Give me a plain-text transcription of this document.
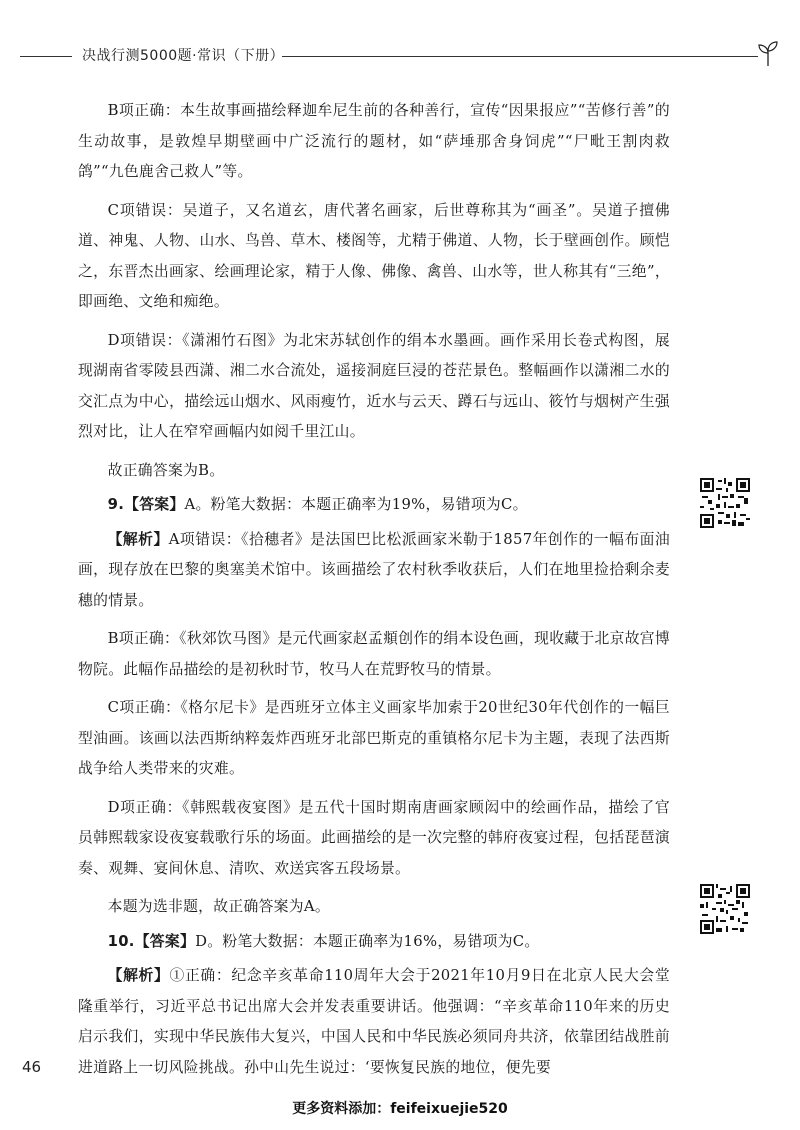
决战行测5000题·常识（下册）

B项正确：本生故事画描绘释迦牟尼生前的各种善行，宣传“因果报应”“苦修行善”的生动故事，是敦煌早期壁画中广泛流行的题材，如“萨埵那舍身饲虎”“尸毗王割肉救鸽”“九色鹿舍己救人”等。

C项错误：吴道子，又名道玄，唐代著名画家，后世尊称其为“画圣”。吴道子擅佛道、神鬼、人物、山水、鸟兽、草木、楼阁等，尤精于佛道、人物，长于壁画创作。顾恺之，东晋杰出画家、绘画理论家，精于人像、佛像、禽兽、山水等，世人称其有“三绝”，即画绝、文绝和痴绝。

D项错误：《潇湘竹石图》为北宋苏轼创作的绢本水墨画。画作采用长卷式构图，展现湖南省零陵县西潇、湘二水合流处，遥接洞庭巨浸的苍茫景色。整幅画作以潇湘二水的交汇点为中心，描绘远山烟水、风雨瘦竹，近水与云天、蹲石与远山、筱竹与烟树产生强烈对比，让人在窄窄画幅内如阅千里江山。

故正确答案为B。

9.【答案】A。粉笔大数据：本题正确率为19%，易错项为C。

【解析】A项错误：《拾穗者》是法国巴比松派画家米勒于1857年创作的一幅布面油画，现存放在巴黎的奥塞美术馆中。该画描绘了农村秋季收获后，人们在地里捡拾剩余麦穗的情景。

B项正确：《秋郊饮马图》是元代画家赵孟頫创作的绢本设色画，现收藏于北京故宫博物院。此幅作品描绘的是初秋时节，牧马人在荒野牧马的情景。

C项正确：《格尔尼卡》是西班牙立体主义画家毕加索于20世纪30年代创作的一幅巨型油画。该画以法西斯纳粹轰炸西班牙北部巴斯克的重镇格尔尼卡为主题，表现了法西斯战争给人类带来的灾难。

D项正确：《韩熙载夜宴图》是五代十国时期南唐画家顾闳中的绘画作品，描绘了官员韩熙载家设夜宴载歌行乐的场面。此画描绘的是一次完整的韩府夜宴过程，包括琵琶演奏、观舞、宴间休息、清吹、欢送宾客五段场景。

本题为选非题，故正确答案为A。

10.【答案】D。粉笔大数据：本题正确率为16%，易错项为C。

【解析】①正确：纪念辛亥革命110周年大会于2021年10月9日在北京人民大会堂隆重举行，习近平总书记出席大会并发表重要讲话。他强调：“辛亥革命110年来的历史启示我们，实现中华民族伟大复兴，中国人民和中华民族必须同舟共济，依靠团结战胜前进道路上一切风险挑战。孙中山先生说过：‘要恢复民族的地位，便先要

46
更多资料添加：feifeixuejie520
